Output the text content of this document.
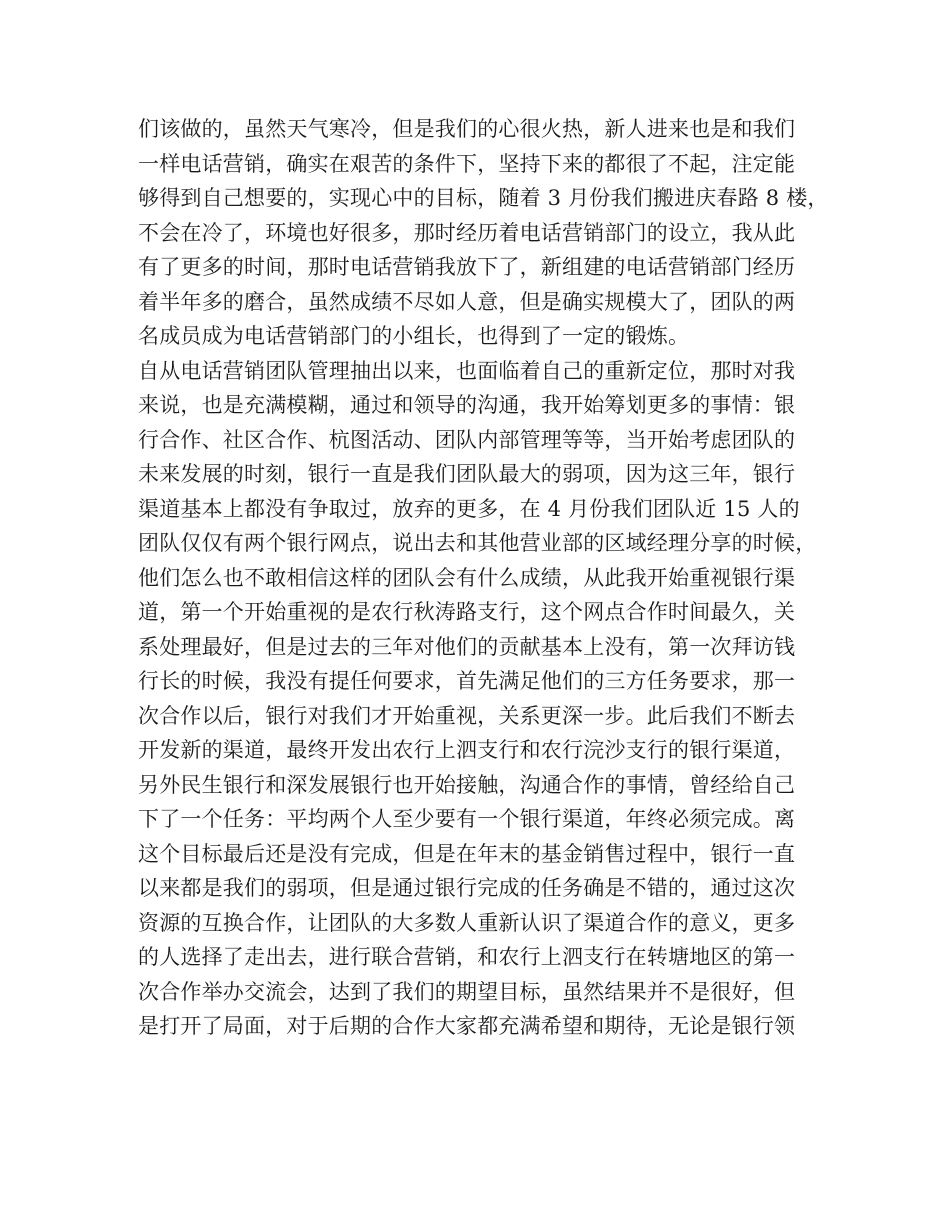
们该做的，虽然天气寒冷，但是我们的心很火热，新人进来也是和我们
一样电话营销，确实在艰苦的条件下，坚持下来的都很了不起，注定能
够得到自己想要的，实现心中的目标，随着 3 月份我们搬进庆春路 8 楼，
不会在冷了，环境也好很多，那时经历着电话营销部门的设立，我从此
有了更多的时间，那时电话营销我放下了，新组建的电话营销部门经历
着半年多的磨合，虽然成绩不尽如人意，但是确实规模大了，团队的两
名成员成为电话营销部门的小组长，也得到了一定的锻炼。
自从电话营销团队管理抽出以来，也面临着自己的重新定位，那时对我
来说，也是充满模糊，通过和领导的沟通，我开始筹划更多的事情：银
行合作、社区合作、杭图活动、团队内部管理等等，当开始考虑团队的
未来发展的时刻，银行一直是我们团队最大的弱项，因为这三年，银行
渠道基本上都没有争取过，放弃的更多，在 4 月份我们团队近 15 人的
团队仅仅有两个银行网点，说出去和其他营业部的区域经理分享的时候，
他们怎么也不敢相信这样的团队会有什么成绩，从此我开始重视银行渠
道，第一个开始重视的是农行秋涛路支行，这个网点合作时间最久，关
系处理最好，但是过去的三年对他们的贡献基本上没有，第一次拜访钱
行长的时候，我没有提任何要求，首先满足他们的三方任务要求，那一
次合作以后，银行对我们才开始重视，关系更深一步。此后我们不断去
开发新的渠道，最终开发出农行上泗支行和农行浣沙支行的银行渠道，
另外民生银行和深发展银行也开始接触，沟通合作的事情，曾经给自己
下了一个任务：平均两个人至少要有一个银行渠道，年终必须完成。离
这个目标最后还是没有完成，但是在年末的基金销售过程中，银行一直
以来都是我们的弱项，但是通过银行完成的任务确是不错的，通过这次
资源的互换合作，让团队的大多数人重新认识了渠道合作的意义，更多
的人选择了走出去，进行联合营销，和农行上泗支行在转塘地区的第一
次合作举办交流会，达到了我们的期望目标，虽然结果并不是很好，但
是打开了局面，对于后期的合作大家都充满希望和期待，无论是银行领
